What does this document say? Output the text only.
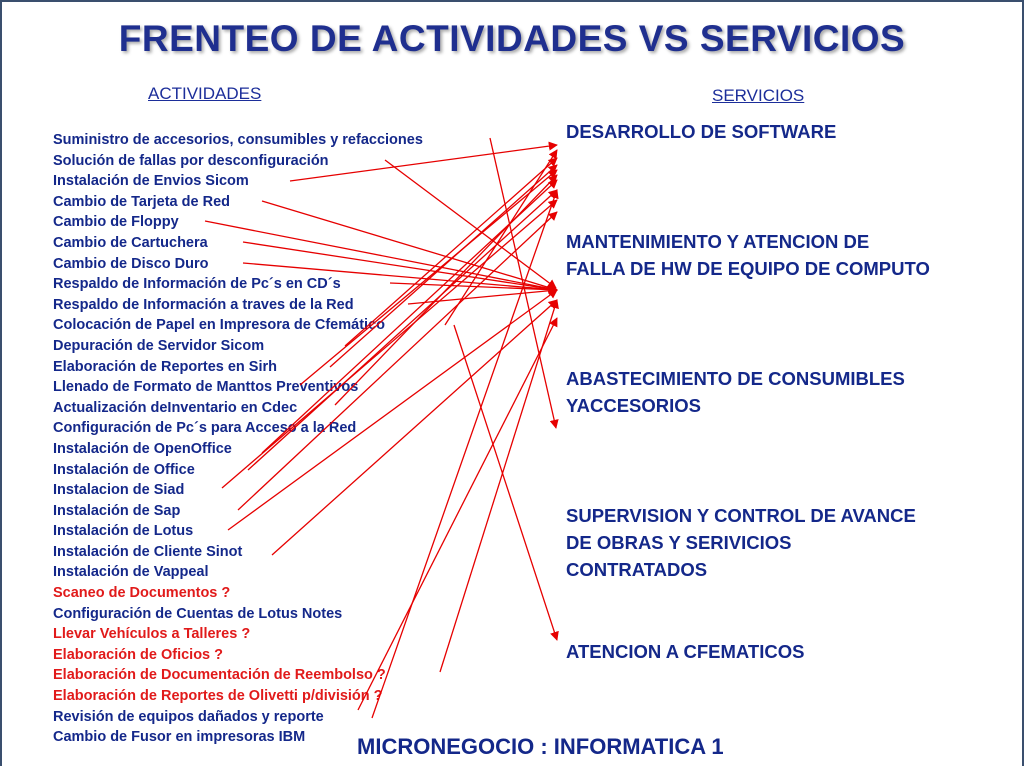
FRENTEO DE ACTIVIDADES VS SERVICIOS
ACTIVIDADES	SERVICIOS
Suministro de accesorios, consumibles y refacciones
Solución de fallas por desconfiguración
Instalación de Envios Sicom
Cambio de Tarjeta de Red
Cambio de Floppy
Cambio de Cartuchera
Cambio de Disco Duro
Respaldo de Información de Pc´s en CD´s
Respaldo de Información a traves de la Red
Colocación de Papel en Impresora de Cfemático
Depuración de Servidor Sicom
Elaboración de Reportes en Sirh
Llenado de Formato de Manttos Preventivos
Actualización deInventario en Cdec
Configuración de Pc´s para Acceso a la Red
Instalación de OpenOffice
Instalación de Office
Instalacion de Siad
Instalación de Sap
Instalación de Lotus
Instalación de Cliente Sinot
Instalación de Vappeal
Scaneo de Documentos ?
Configuración de Cuentas de Lotus Notes
Llevar Vehículos a Talleres ?
Elaboración de Oficios ?
Elaboración de Documentación de Reembolso ?
Elaboración de Reportes de Olivetti p/división ?
Revisión de equipos dañados y reporte
Cambio de Fusor en impresoras IBM
DESARROLLO DE SOFTWARE
MANTENIMIENTO Y ATENCION DE
FALLA DE HW DE EQUIPO DE COMPUTO
ABASTECIMIENTO DE CONSUMIBLES
YACCESORIOS
SUPERVISION Y CONTROL DE AVANCE
DE OBRAS Y SERIVICIOS
CONTRATADOS
ATENCION A CFEMATICOS
MICRONEGOCIO : INFORMATICA 1
